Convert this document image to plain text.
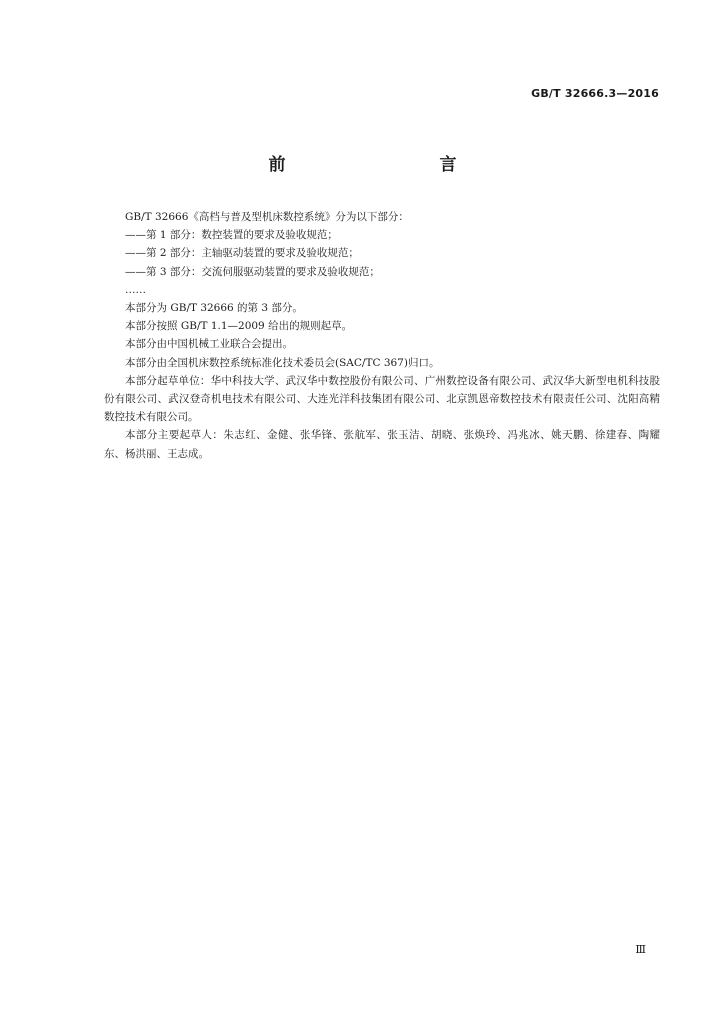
GB/T 32666.3—2016
前　　言

GB/T 32666《高档与普及型机床数控系统》分为以下部分：

——第 1 部分：数控装置的要求及验收规范；

——第 2 部分：主轴驱动装置的要求及验收规范；

——第 3 部分：交流伺服驱动装置的要求及验收规范；

……

本部分为 GB/T 32666 的第 3 部分。

本部分按照 GB/T 1.1—2009 给出的规则起草。

本部分由中国机械工业联合会提出。

本部分由全国机床数控系统标准化技术委员会(SAC/TC 367)归口。

本部分起草单位：华中科技大学、武汉华中数控股份有限公司、广州数控设备有限公司、武汉华大新型电机科技股份有限公司、武汉登奇机电技术有限公司、大连光洋科技集团有限公司、北京凯恩帝数控技术有限责任公司、沈阳高精数控技术有限公司。

本部分主要起草人：朱志红、金健、张华锋、张航军、张玉洁、胡晓、张焕玲、冯兆冰、姚天鹏、徐建春、陶耀东、杨洪丽、王志成。

Ⅲ
